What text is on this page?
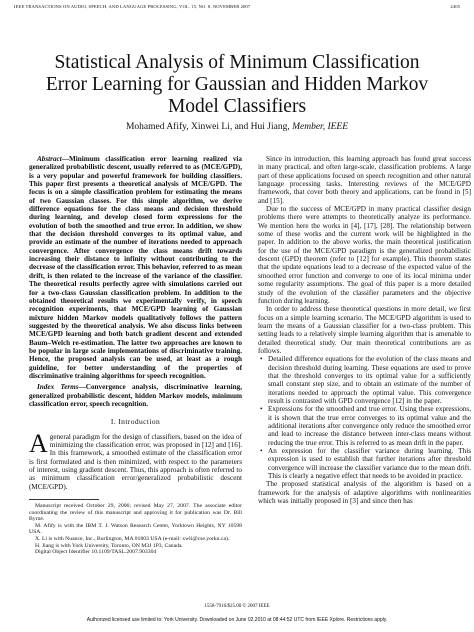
IEEE TRANSACTIONS ON AUDIO, SPEECH, AND LANGUAGE PROCESSING, VOL. 15, NO. 8, NOVEMBER 2007	2405
Statistical Analysis of Minimum Classification Error Learning for Gaussian and Hidden Markov Model Classifiers
Mohamed Afify, Xinwei Li, and Hui Jiang, Member, IEEE

Abstract—Minimum classification error learning realized via generalized probabilistic descent, usually referred to as (MCE/GPD), is a very popular and powerful framework for building classifiers. This paper first presents a theoretical analysis of MCE/GPD. The focus is on a simple classification problem for estimating the means of two Gaussian classes. For this simple algorithm, we derive difference equations for the class means and decision threshold during learning, and develop closed form expressions for the evolution of both the smoothed and true error. In addition, we show that the decision threshold converges to its optimal value, and provide an estimate of the number of iterations needed to approach convergence. After convergence the class means drift towards increasing their distance to infinity without contributing to the decrease of the classification error. This behavior, referred to as mean drift, is then related to the increase of the variance of the classifier. The theoretical results perfectly agree with simulations carried out for a two-class Gaussian classification problem. In addition to the obtained theoretical results we experimentally verify, in speech recognition experiments, that MCE/GPD learning of Gaussian mixture hidden Markov models qualitatively follows the pattern suggested by the theoretical analysis. We also discuss links between MCE/GPD learning and both batch gradient descent and extended Baum–Welch re-estimation. The latter two approaches are known to be popular in large scale implementations of discriminative training. Hence, the proposed analysis can be used, at least as a rough guideline, for better understanding of the properties of discriminative training algorithms for speech recognition.

Index Terms—Convergence analysis, discriminative learning, generalized probabilistic descent, hidden Markov models, minimum classification error, speech recognition.

I. Introduction

Ageneral paradigm for the design of classifiers, based on the idea of minimizing the classification error, was proposed in [12] and [16]. In this framework, a smoothed estimate of the classification error is first formulated and is then minimized, with respect to the parameters of interest, using gradient descent. Thus, this approach is often referred to as minimum classification error/generalized probabilistic descent (MCE/GPD).

Manuscript received October 29, 2006; revised May 27, 2007. The associate editor coordinating the review of this manuscript and approving it for publication was Dr. Bill Byrne.

M. Afify is with the IBM T. J. Watson Research Center, Yorktown Heights, NY 10598 USA.

X. Li is with Nuance, Inc., Burlington, MA 01803 USA (e-mail: xwli@cse.yorku.ca).

H. Jiang is with York University, Toronto, ON M3J 1P3, Canada.

Digital Object Identifier 10.1109/TASL.2007.903304

Since its introduction, this learning approach has found great success in many practical, and often large-scale, classification problems. A large part of these applications focused on speech recognition and other natural language processing tasks. Interesting reviews of the MCE/GPD framework, that cover both theory and applications, can be found in [5] and [15].

Due to the success of MCE/GPD in many practical classifier design problems there were attempts to theoretically analyze its performance. We mention here the works in [4], [17], [28]. The relationship between some of these works and the current work will be highlighted in the paper. In addition to the above works, the main theoretical justification for the use of the MCE/GPD paradigm is the generalized probabilistic descent (GPD) theorem (refer to [12] for example). This theorem states that the update equations lead to a decrease of the expected value of the smoothed error function and converge to one of its local minima under some regularity assumptions. The goal of this paper is a more detailed study of the evolution of the classifier parameters and the objective function during learning.

In order to address these theoretical questions in more detail, we first focus on a simple learning scenario. The MCE/GPD algorithm is used to learn the means of a Gaussian classifier for a two-class problem. This setting leads to a relatively simple learning algorithm that is amenable to detailed theoretical study. Our main theoretical contributions are as follows.

• Detailed difference equations for the evolution of the class means and decision threshold during learning. These equations are used to prove that the threshold converges to its optimal value for a sufficiently small constant step size, and to obtain an estimate of the number of iterations needed to approach the optimal value. This convergence result is contrasted with GPD convergence [12] in the paper.
• Expressions for the smoothed and true error. Using these expressions, it is shown that the true error converges to its optimal value and the additional iterations after convergence only reduce the smoothed error and lead to increase the distance between inter-class means without reducing the true error. This is referred to as mean drift in the paper.
• An expression for the classifier variance during learning. This expression is used to establish that further iterations after threshold convergence will increase the classifier variance due to the mean drift. This is clearly a negative effect that needs to be avoided in practice.

The proposed statistical analysis of the algorithm is based on a framework for the analysis of adaptive algorithms with nonlinearities which was initially proposed in [3] and since then has

1558-7916/$25.00 © 2007 IEEE
Authorized licensed use limited to: York University. Downloaded on June 02,2010 at 08:44:52 UTC from IEEE Xplore. Restrictions apply.
